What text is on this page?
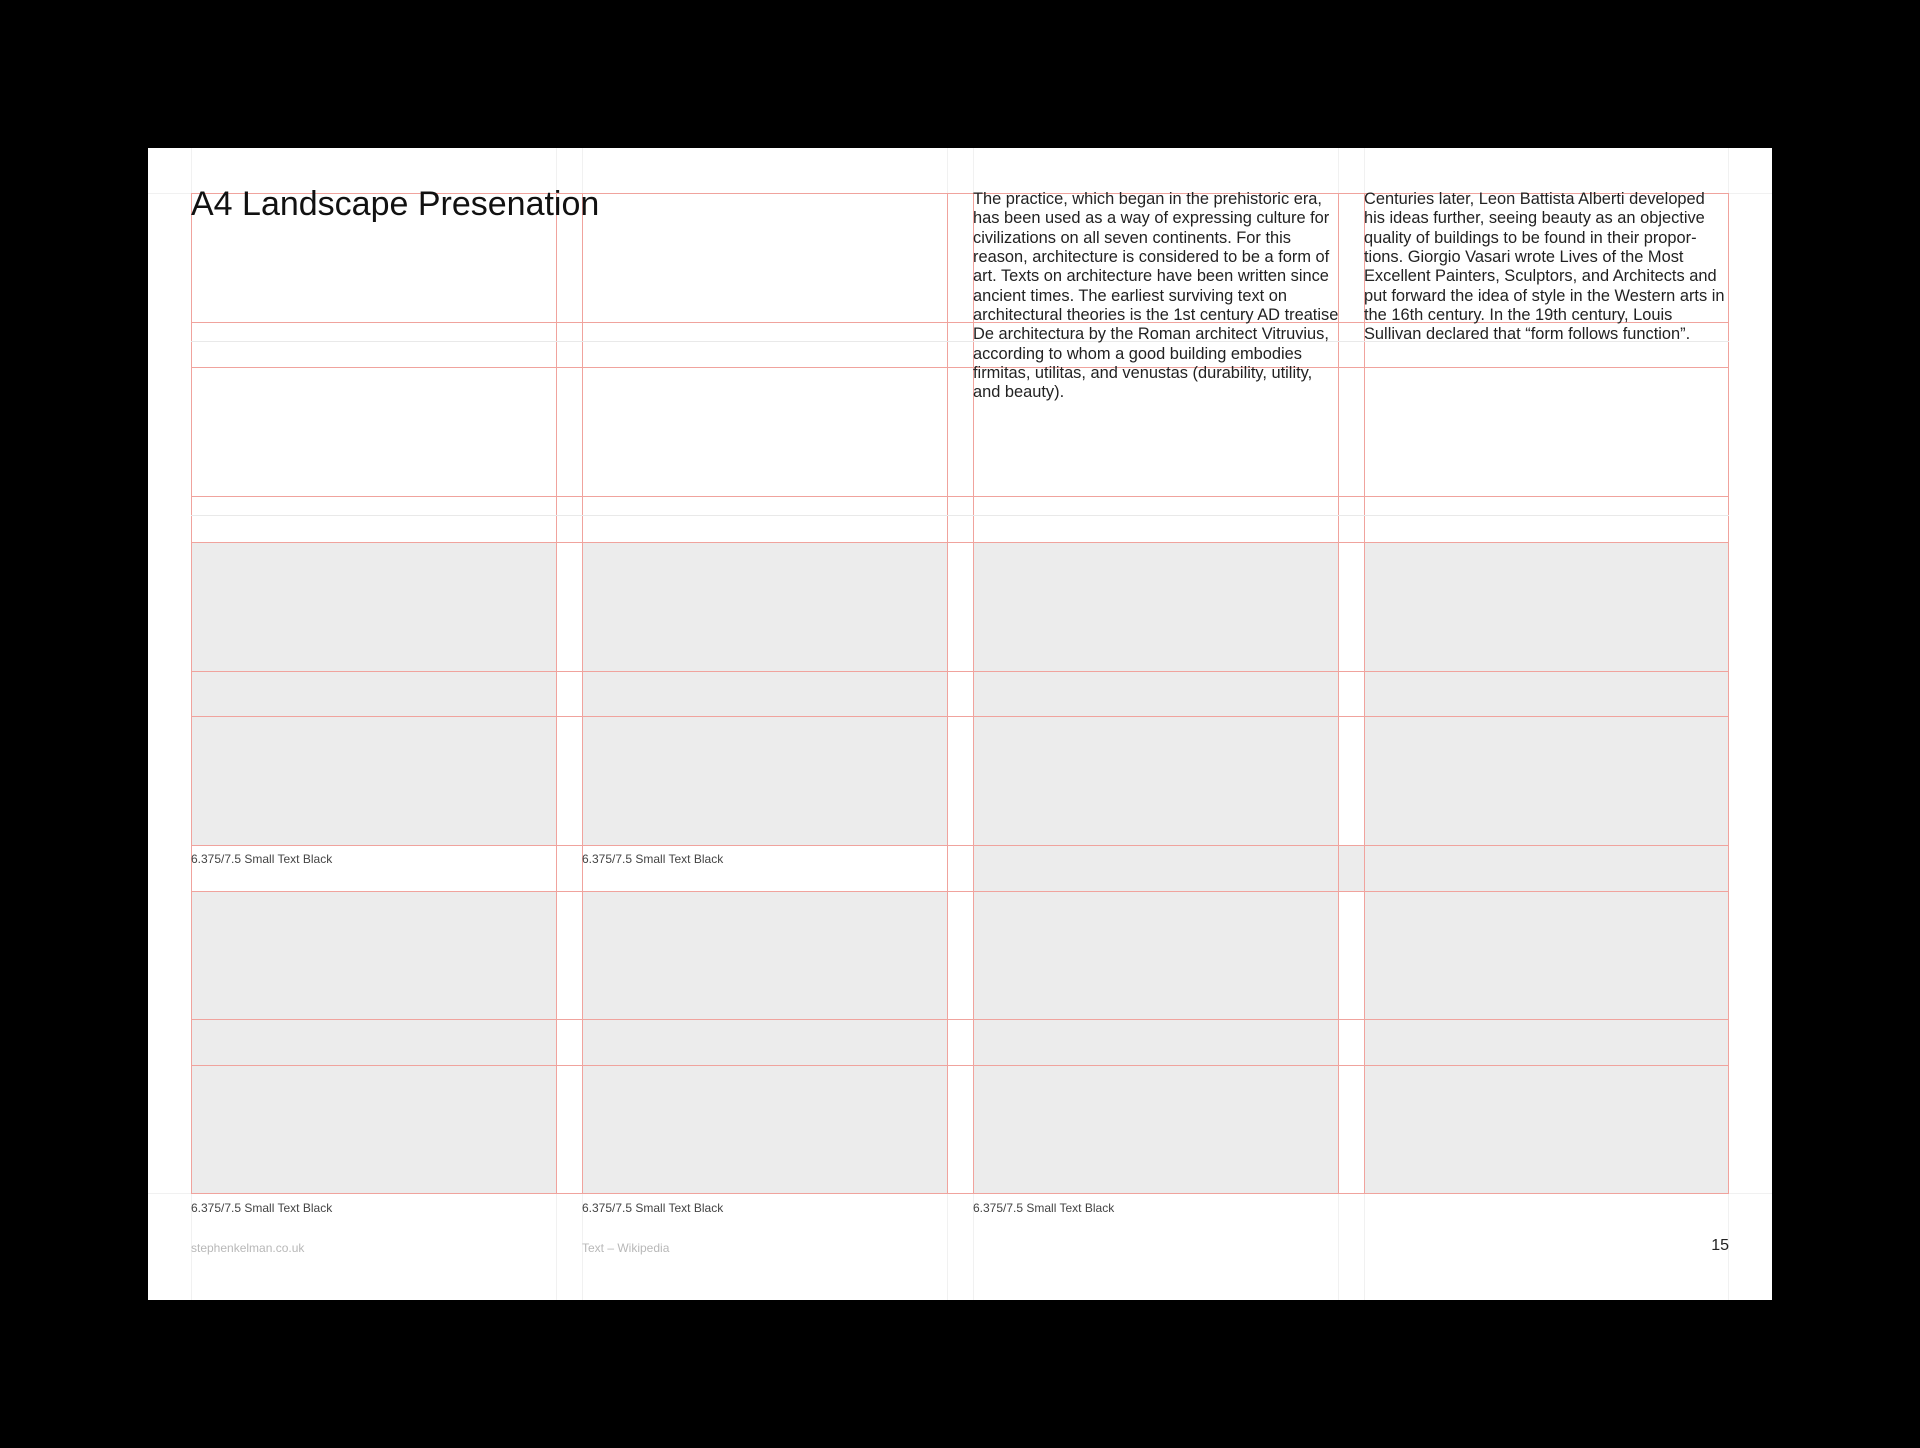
A4 Landscape Presenation	The practice, which began in the prehistoric era, has been used as a way of expressing culture for civilizations on all seven continents. For this reason, architecture is considered to be a form of art. Texts on architecture have been written since ancient times. The earliest surviving text on architectural theories is the 1st century AD treatise De architectura by the Roman architect Vitruvius, according to whom a good building embodies firmitas, utilitas, and venustas (durability, utility, and beauty).

Centuries later, Leon Battista Alberti developed his ideas further, seeing beauty as an objective quality of buildings to be found in their propor-tions. Giorgio Vasari wrote Lives of the Most Excellent Painters, Sculptors, and Architects and put forward the idea of style in the Western arts in the 16th century. In the 19th century, Louis Sullivan declared that “form follows function”.

6.375/7.5 Small Text Black	6.375/7.5 Small Text Black
6.375/7.5 Small Text Black	6.375/7.5 Small Text Black	6.375/7.5 Small Text Black
stephenkelman.co.uk	Text – Wikipedia	15
